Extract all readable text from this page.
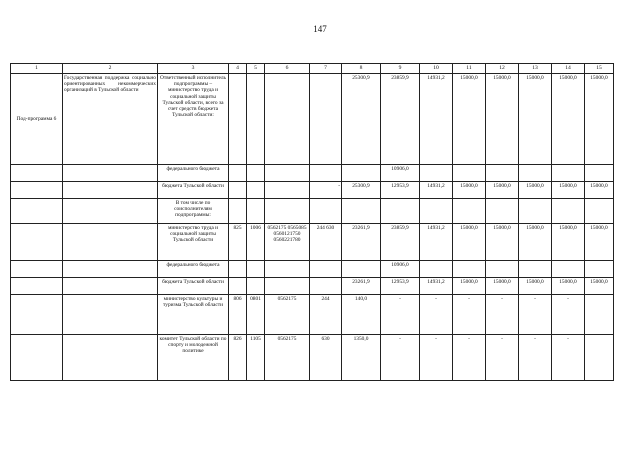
147
1	2	3	4	5	6	7	8	9	10	11	12	13	14	15
Под-программа 6	Государственная поддержка социально ориентированных некоммерческих организаций в Тульской области	Ответственный исполнитель подпрограммы – министерство труда и социальной защиты Тульской области, всего за счет средств бюджета Тульской области:					25300,9	23859,9	14931,2	15000,0	15000,0	15000,0	15000,0	15000,0
		федерального бюджета						10906,0						
		бюджета Тульской области				-	25300,9	12953,9	14931,2	15000,0	15000,0	15000,0	15000,0	15000,0
		В том числе по соисполнителям подпрограммы:												
		министерство труда и социальной защиты Тульской области	825	1006	0562175 0565085 0560121750 0560221780	244 630	23261,9	23859,9	14931,2	15000,0	15000,0	15000,0	15000,0	15000,0
		федерального бюджета						10906,0						
		бюджета Тульской области					23261,9	12953,9	14931,2	15000,0	15000,0	15000,0	15000,0	15000,0
		министерство культуры и туризма Тульской области	806	0801	0562175	244	140,0	-	-	-	-	-	-	
		комитет Тульской области по спорту и молодежной политике	826	1105	0562175	630	1350,0	-	-	-	-	-	-	
